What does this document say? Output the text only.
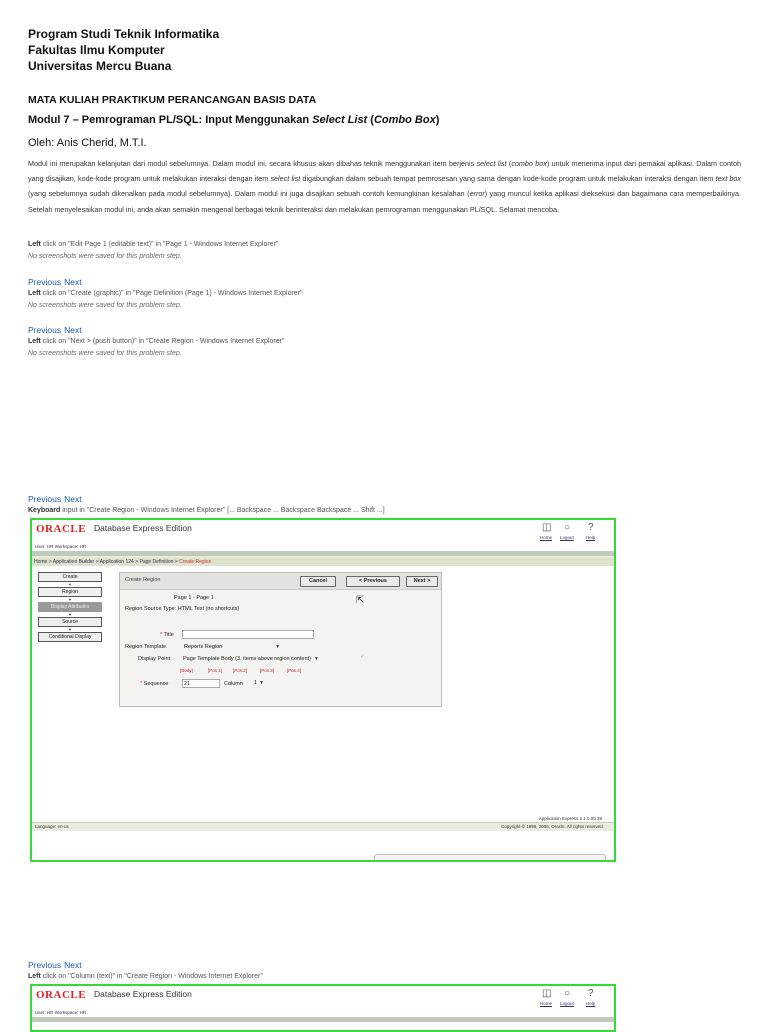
Program Studi Teknik Informatika
Fakultas Ilmu Komputer
Universitas Mercu Buana
MATA KULIAH PRAKTIKUM PERANCANGAN BASIS DATA
Modul 7 – Pemrograman PL/SQL: Input Menggunakan Select List (Combo Box)
Oleh: Anis Cherid, M.T.I.
Modul ini merupakan kelanjutan dari modul sebelumnya. Dalam modul ini, secara khusus akan dibahas teknik menggunakan item berjenis select list (combo box) untuk menerima input dari pemakai aplikasi. Dalam contoh yang disajikan, kode-kode program untuk melakukan interaksi dengan item select list digabungkan dalam sebuah tempat pemrosesan yang sama dengan kode-kode program untuk melakukan interaksi dengan item text box (yang sebelumnya sudah dikenalkan pada modul sebelumnya). Dalam modul ini juga disajikan sebuah contoh kemungkinan kesalahan (error) yang muncul ketika aplikasi dieksekusi dan bagaimana cara memperbaikinya. Setelah menyelesaikan modul ini, anda akan semakin mengenal berbagai teknik berinteraksi dan melakukan pemrograman menggunakan PL/SQL. Selamat mencoba.
Left click on "Edit Page 1 (editable text)" in "Page 1 - Windows Internet Explorer"
No screenshots were saved for this problem step.
Previous Next
Left click on "Create (graphic)" in "Page Definition (Page 1) - Windows Internet Explorer"
No screenshots were saved for this problem step.
Previous Next
Left click on "Next > (push button)" in "Create Region - Windows Internet Explorer"
No screenshots were saved for this problem step.
Previous Next
Keyboard input in "Create Region - Windows Internet Explorer" [... Backspace ... Backspace Backspace ... Shift ...]
ORACLE Database Express Edition	◫
Home
○
Logout
?
Help
User: HR Workspace: HR
Home > Application Builder > Application 124 > Page Definition > Create Region
Create
▼
Region
▼
Display Attributes
▼
Source
▼
Conditional Display
Create Region	Cancel	< Previous	Next >
Page 1 - Page 1
Region Source Type: HTML Text (no shortcuts)
⇱
* Title
Region Template	Reports Region	▾
Display Point Page Template Body (3. items above region content) ▾	✓
[Body]	[Pos.1] [Pos.2]	[Pos.3]	[Pos.4]
* Sequence	21	Column 1 ▾
Application Express 2.1.0.00.39
Language: en-us	Copyright © 1999, 2006, Oracle. All rights reserved.
Previous Next
Left click on "Column (text)" in "Create Region - Windows Internet Explorer"
ORACLE Database Express Edition	◫
Home
○
Logout
?
Help
User: HR Workspace: HR
